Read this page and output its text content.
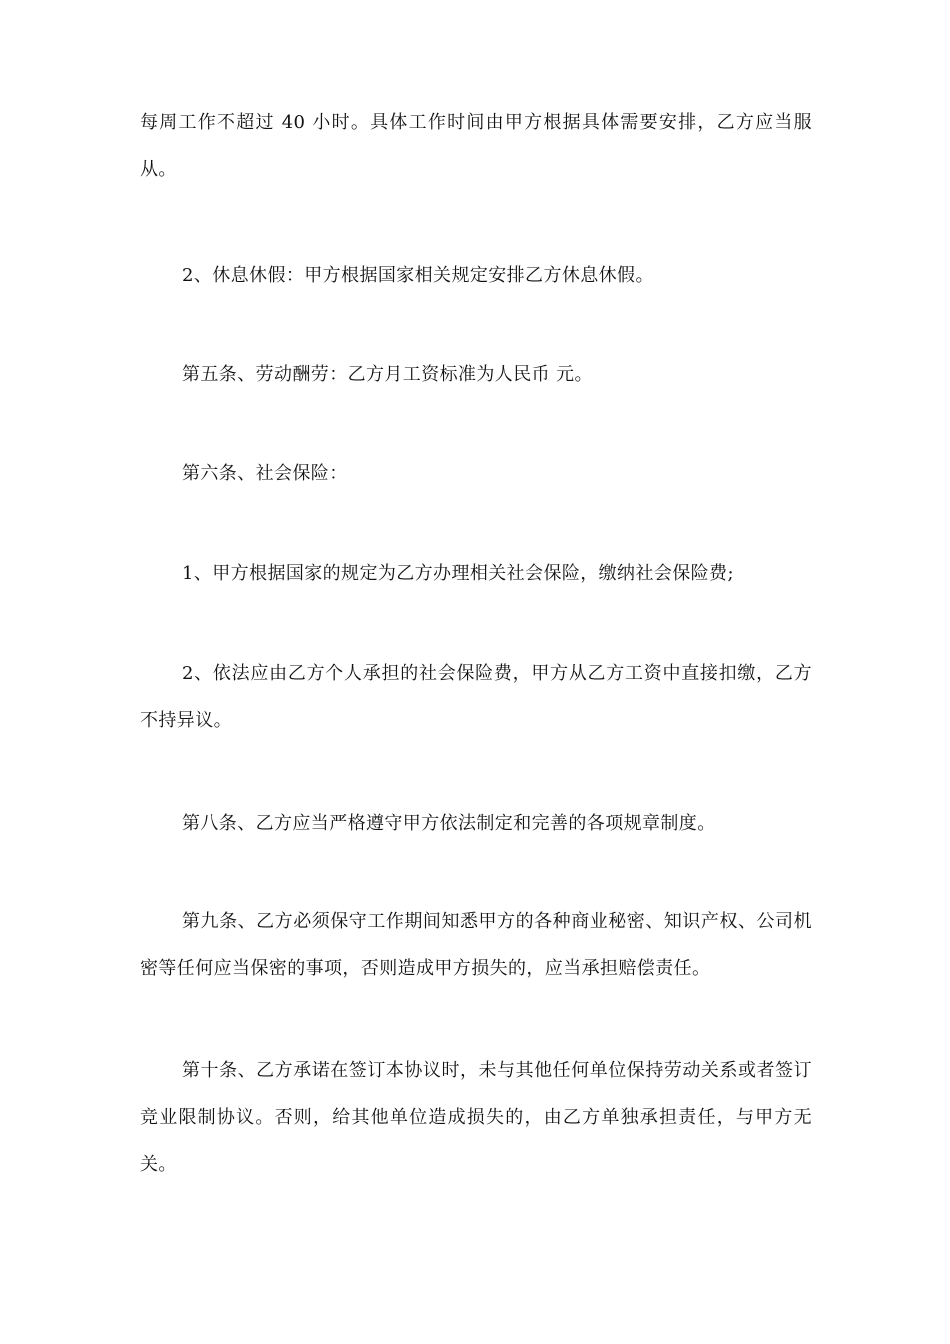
每周工作不超过 40 小时。具体工作时间由甲方根据具体需要安排，乙方应当服从。

2、休息休假：甲方根据国家相关规定安排乙方休息休假。

第五条、劳动酬劳：乙方月工资标准为人民币 元。

第六条、社会保险：

1、甲方根据国家的规定为乙方办理相关社会保险，缴纳社会保险费;

2、依法应由乙方个人承担的社会保险费，甲方从乙方工资中直接扣缴，乙方不持异议。

第八条、乙方应当严格遵守甲方依法制定和完善的各项规章制度。

第九条、乙方必须保守工作期间知悉甲方的各种商业秘密、知识产权、公司机密等任何应当保密的事项，否则造成甲方损失的，应当承担赔偿责任。

第十条、乙方承诺在签订本协议时，未与其他任何单位保持劳动关系或者签订竞业限制协议。否则，给其他单位造成损失的，由乙方单独承担责任，与甲方无关。
